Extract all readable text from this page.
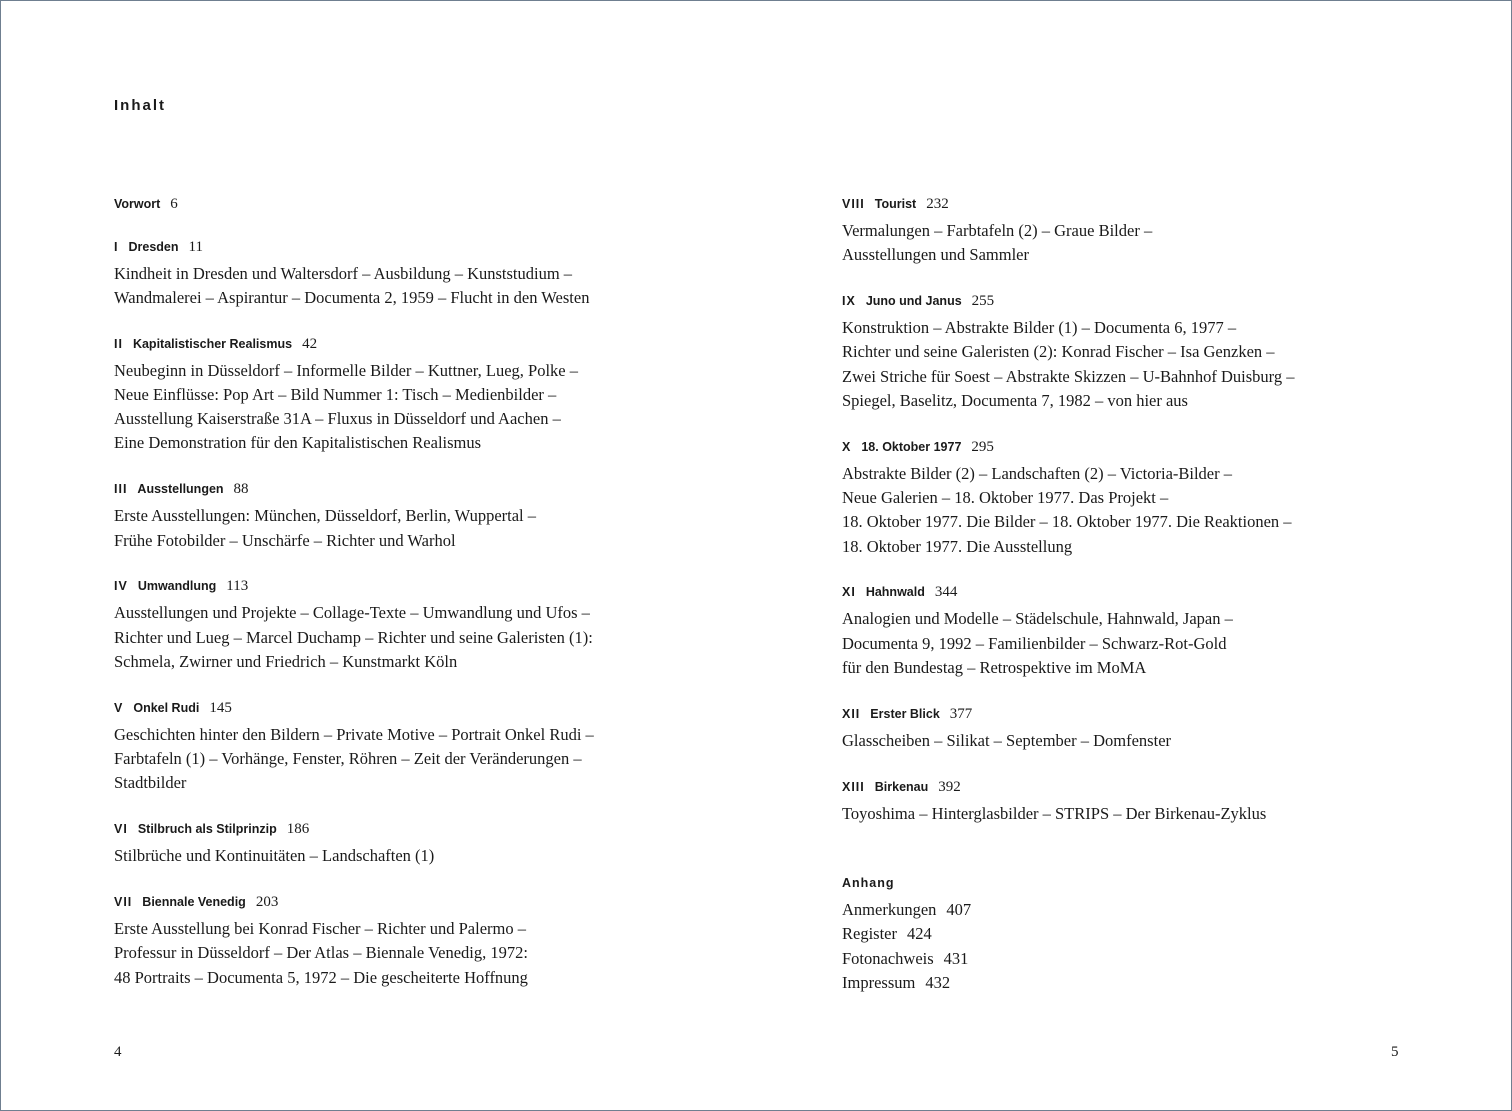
Inhalt
Vorwort 6
I Dresden 11
Kindheit in Dresden und Waltersdorf – Ausbildung – Kunststudium –
Wandmalerei – Aspirantur – Documenta 2, 1959 – Flucht in den Westen
II Kapitalistischer Realismus 42
Neubeginn in Düsseldorf – Informelle Bilder – Kuttner, Lueg, Polke –
Neue Einflüsse: Pop Art – Bild Nummer 1: Tisch – Medienbilder –
Ausstellung Kaiserstraße 31A – Fluxus in Düsseldorf und Aachen –
Eine Demonstration für den Kapitalistischen Realismus
III Ausstellungen 88
Erste Ausstellungen: München, Düsseldorf, Berlin, Wuppertal –
Frühe Fotobilder – Unschärfe – Richter und Warhol
IV Umwandlung 113
Ausstellungen und Projekte – Collage-Texte – Umwandlung und Ufos –
Richter und Lueg – Marcel Duchamp – Richter und seine Galeristen (1):
Schmela, Zwirner und Friedrich – Kunstmarkt Köln
V Onkel Rudi 145
Geschichten hinter den Bildern – Private Motive – Portrait Onkel Rudi –
Farbtafeln (1) – Vorhänge, Fenster, Röhren – Zeit der Veränderungen –
Stadtbilder
VI Stilbruch als Stilprinzip 186
Stilbrüche und Kontinuitäten – Landschaften (1)
VII Biennale Venedig 203
Erste Ausstellung bei Konrad Fischer – Richter und Palermo –
Professur in Düsseldorf – Der Atlas – Biennale Venedig, 1972:
48 Portraits – Documenta 5, 1972 – Die gescheiterte Hoffnung
VIII Tourist 232
Vermalungen – Farbtafeln (2) – Graue Bilder –
Ausstellungen und Sammler
IX Juno und Janus 255
Konstruktion – Abstrakte Bilder (1) – Documenta 6, 1977 –
Richter und seine Galeristen (2): Konrad Fischer – Isa Genzken –
Zwei Striche für Soest – Abstrakte Skizzen – U-Bahnhof Duisburg –
Spiegel, Baselitz, Documenta 7, 1982 – von hier aus
X 18. Oktober 1977 295
Abstrakte Bilder (2) – Landschaften (2) – Victoria-Bilder –
Neue Galerien – 18. Oktober 1977. Das Projekt –
18. Oktober 1977. Die Bilder – 18. Oktober 1977. Die Reaktionen –
18. Oktober 1977. Die Ausstellung
XI Hahnwald 344
Analogien und Modelle – Städelschule, Hahnwald, Japan –
Documenta 9, 1992 – Familienbilder – Schwarz-Rot-Gold
für den Bundestag – Retrospektive im MoMA
XII Erster Blick 377
Glasscheiben – Silikat – September – Domfenster
XIII Birkenau 392
Toyoshima – Hinterglasbilder – STRIPS – Der Birkenau-Zyklus
Anhang
Anmerkungen 407
Register 424
Fotonachweis 431
Impressum 432
4	5
